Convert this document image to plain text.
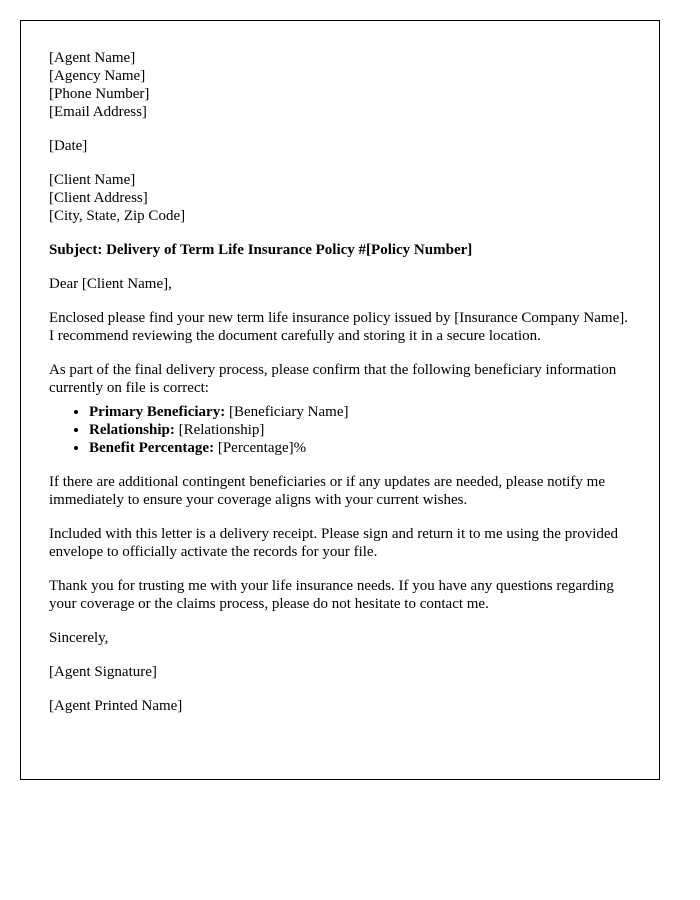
[Agent Name]

[Agency Name]

[Phone Number]

[Email Address]

[Date]

[Client Name]

[Client Address]

[City, State, Zip Code]

Subject: Delivery of Term Life Insurance Policy #[Policy Number]

Dear [Client Name],

Enclosed please find your new term life insurance policy issued by [Insurance Company Name]. I recommend reviewing the document carefully and storing it in a secure location.

As part of the final delivery process, please confirm that the following beneficiary information currently on file is correct:

• Primary Beneficiary: [Beneficiary Name]
• Relationship: [Relationship]
• Benefit Percentage: [Percentage]%

If there are additional contingent beneficiaries or if any updates are needed, please notify me immediately to ensure your coverage aligns with your current wishes.

Included with this letter is a delivery receipt. Please sign and return it to me using the provided envelope to officially activate the records for your file.

Thank you for trusting me with your life insurance needs. If you have any questions regarding your coverage or the claims process, please do not hesitate to contact me.

Sincerely,

[Agent Signature]

[Agent Printed Name]
